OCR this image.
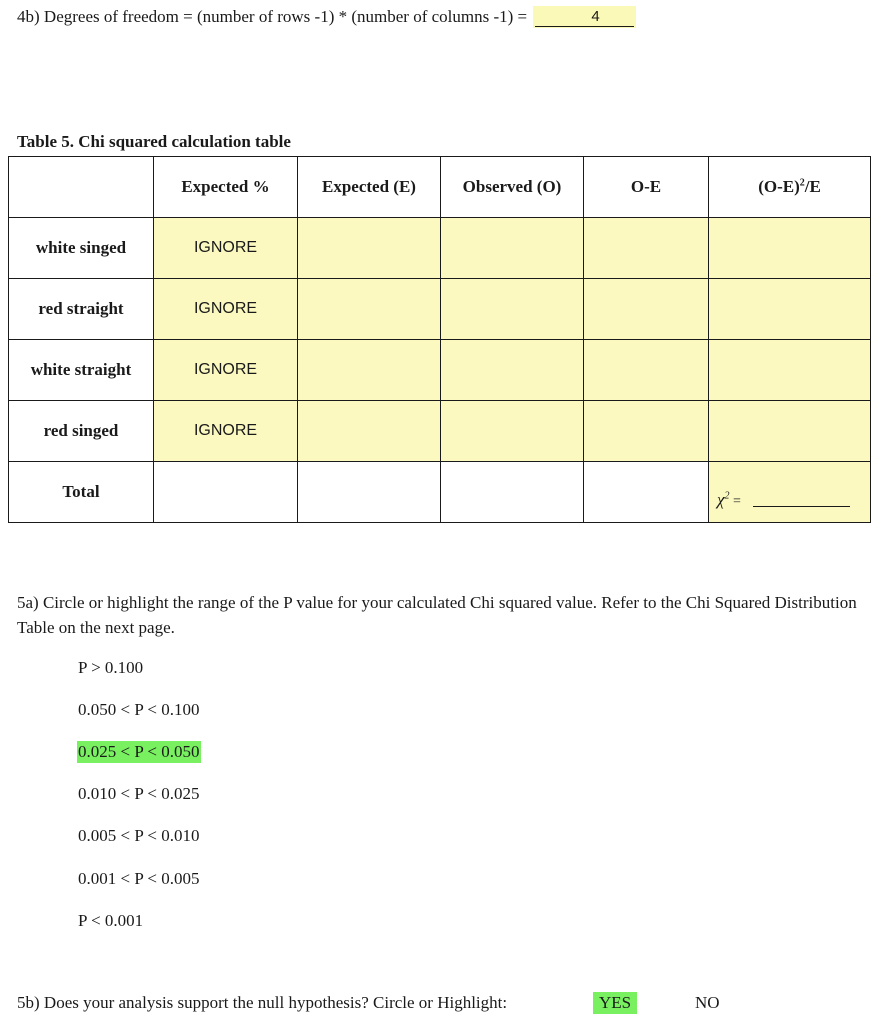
4b) Degrees of freedom = (number of rows -1) * (number of columns -1) =	4
Table 5. Chi squared calculation table
	Expected %	Expected (E)	Observed (O)	O-E	$(O-E)^2/E$
white singed	IGNORE				
red straight	IGNORE				
white straight	IGNORE				
red singed	IGNORE				
Total					$\chi^2$ =
5a) Circle or highlight the range of the P value for your calculated Chi squared value. Refer to the Chi Squared Distribution Table on the next page.
P > 0.100
0.050 < P < 0.100
0.025 < P < 0.050
0.010 < P < 0.025
0.005 < P < 0.010
0.001 < P < 0.005
P < 0.001
5b) Does your analysis support the null hypothesis? Circle or Highlight:	YES	NO
